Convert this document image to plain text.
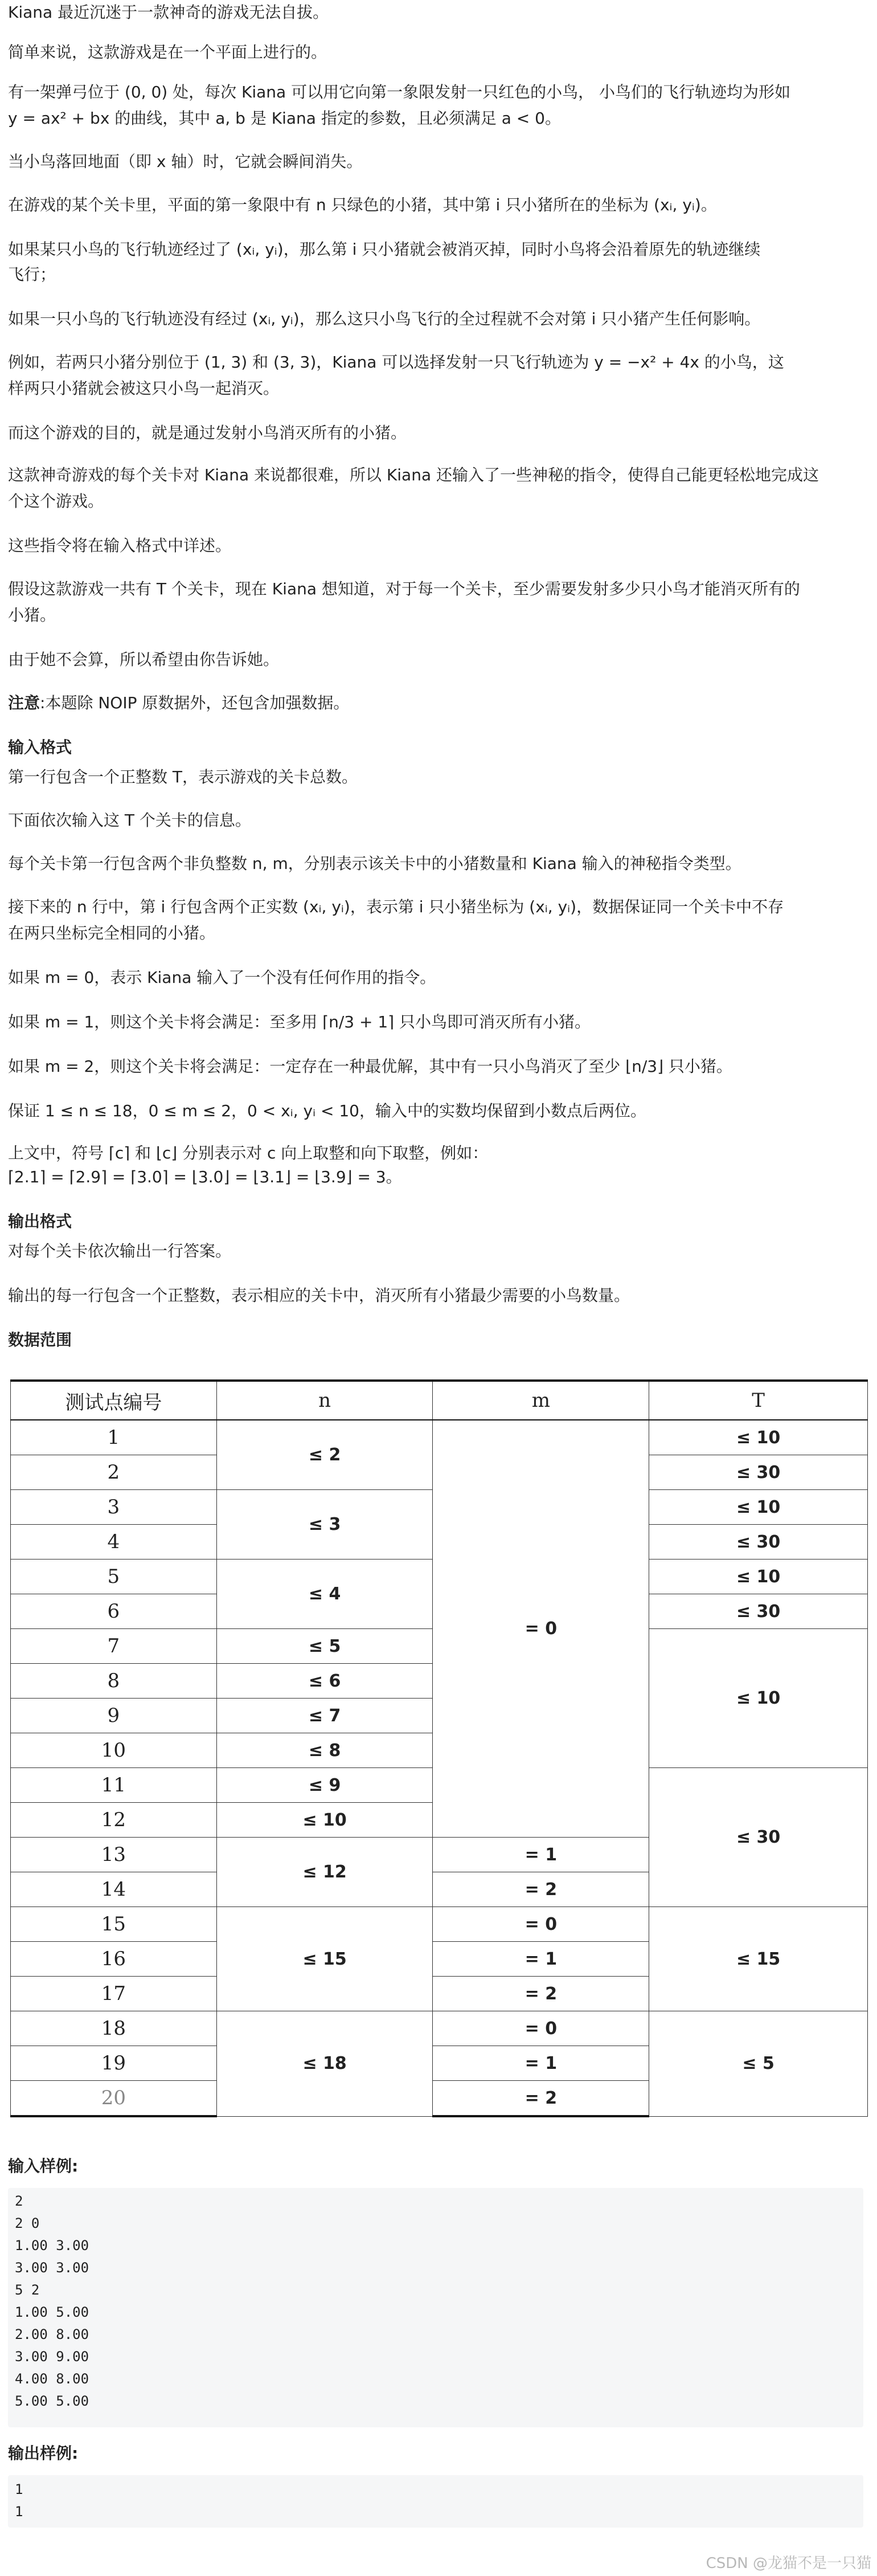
Kiana 最近沉迷于一款神奇的游戏无法自拔。

简单来说，这款游戏是在一个平面上进行的。

有一架弹弓位于 (0, 0) 处，每次 Kiana 可以用它向第一象限发射一只红色的小鸟， 小鸟们的飞行轨迹均为形如

y = ax² + bx 的曲线，其中 a, b 是 Kiana 指定的参数，且必须满足 a < 0。

当小鸟落回地面（即 x 轴）时，它就会瞬间消失。

在游戏的某个关卡里，平面的第一象限中有 n 只绿色的小猪，其中第 i 只小猪所在的坐标为 (xᵢ, yᵢ)。

如果某只小鸟的飞行轨迹经过了 (xᵢ, yᵢ)，那么第 i 只小猪就会被消灭掉，同时小鸟将会沿着原先的轨迹继续

飞行；

如果一只小鸟的飞行轨迹没有经过 (xᵢ, yᵢ)，那么这只小鸟飞行的全过程就不会对第 i 只小猪产生任何影响。

例如，若两只小猪分别位于 (1, 3) 和 (3, 3)，Kiana 可以选择发射一只飞行轨迹为 y = −x² + 4x 的小鸟，这

样两只小猪就会被这只小鸟一起消灭。

而这个游戏的目的，就是通过发射小鸟消灭所有的小猪。

这款神奇游戏的每个关卡对 Kiana 来说都很难，所以 Kiana 还输入了一些神秘的指令，使得自己能更轻松地完成这

个这个游戏。

这些指令将在输入格式中详述。

假设这款游戏一共有 T 个关卡，现在 Kiana 想知道，对于每一个关卡，至少需要发射多少只小鸟才能消灭所有的

小猪。

由于她不会算，所以希望由你告诉她。

注意:本题除 NOIP 原数据外，还包含加强数据。

输入格式

第一行包含一个正整数 T，表示游戏的关卡总数。

下面依次输入这 T 个关卡的信息。

每个关卡第一行包含两个非负整数 n, m，分别表示该关卡中的小猪数量和 Kiana 输入的神秘指令类型。

接下来的 n 行中，第 i 行包含两个正实数 (xᵢ, yᵢ)，表示第 i 只小猪坐标为 (xᵢ, yᵢ)，数据保证同一个关卡中不存

在两只坐标完全相同的小猪。

如果 m = 0，表示 Kiana 输入了一个没有任何作用的指令。

如果 m = 1，则这个关卡将会满足：至多用 ⌈n/3 + 1⌉ 只小鸟即可消灭所有小猪。

如果 m = 2，则这个关卡将会满足：一定存在一种最优解，其中有一只小鸟消灭了至少 ⌊n/3⌋ 只小猪。

保证 1 ≤ n ≤ 18，0 ≤ m ≤ 2，0 < xᵢ, yᵢ < 10，输入中的实数均保留到小数点后两位。

上文中，符号 ⌈c⌉ 和 ⌊c⌋ 分别表示对 c 向上取整和向下取整，例如：

⌈2.1⌉ = ⌈2.9⌉ = ⌈3.0⌉ = ⌊3.0⌋ = ⌊3.1⌋ = ⌊3.9⌋ = 3。

输出格式

对每个关卡依次输出一行答案。

输出的每一行包含一个正整数，表示相应的关卡中，消灭所有小猪最少需要的小鸟数量。

数据范围

测试点编号	n	m	T
1	≤ 2	= 0	≤ 10
2			≤ 30
3	≤ 3		≤ 10
4			≤ 30
5	≤ 4		≤ 10
6			≤ 30
7	≤ 5		≤ 10
8	≤ 6		
9	≤ 7		
10	≤ 8		
11	≤ 9		≤ 30
12	≤ 10		
13	≤ 12	= 1	
14		= 2	
15	≤ 15	= 0	≤ 15
16		= 1	
17		= 2	
18	≤ 18	= 0	≤ 5
19		= 1	
20		= 2	

输入样例:

2
2 0
1.00 3.00
3.00 3.00
5 2
1.00 5.00
2.00 8.00
3.00 9.00
4.00 8.00
5.00 5.00

输出样例:

1
1
CSDN @龙猫不是一只猫
